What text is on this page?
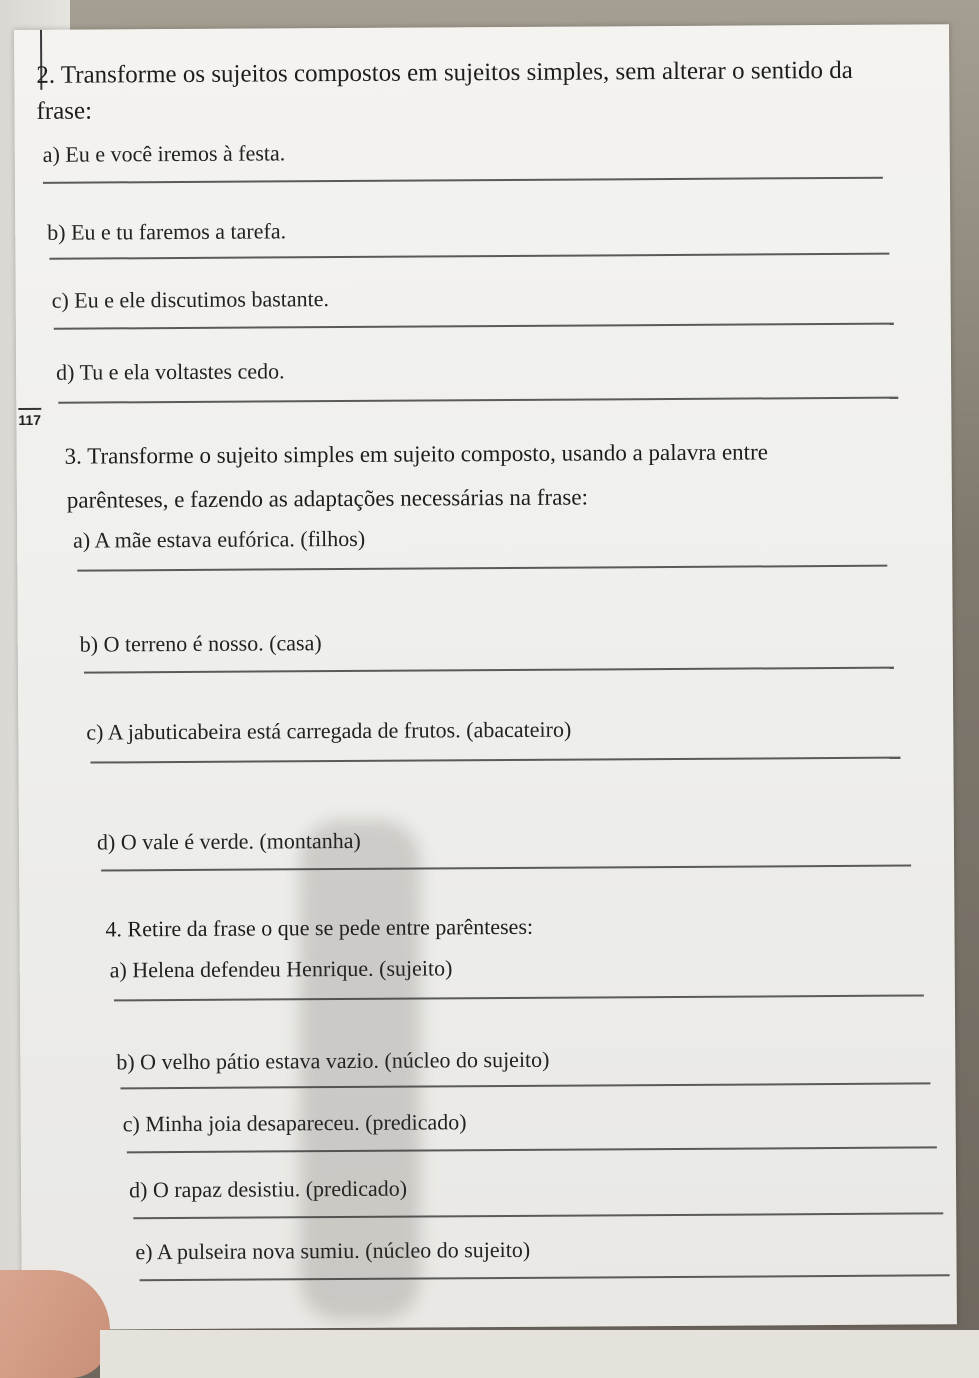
117
2. Transforme os sujeitos compostos em sujeitos simples, sem alterar o sentido da
frase:
a) Eu e você iremos à festa.
b) Eu e tu faremos a tarefa.
c) Eu e ele discutimos bastante.
d) Tu e ela voltastes cedo.
3. Transforme o sujeito simples em sujeito composto, usando a palavra entre
parênteses, e fazendo as adaptações necessárias na frase:
a) A mãe estava eufórica. (filhos)
b) O terreno é nosso. (casa)
c) A jabuticabeira está carregada de frutos. (abacateiro)
d) O vale é verde. (montanha)
4. Retire da frase o que se pede entre parênteses:
a) Helena defendeu Henrique. (sujeito)
b) O velho pátio estava vazio. (núcleo do sujeito)
c) Minha joia desapareceu. (predicado)
d) O rapaz desistiu. (predicado)
e) A pulseira nova sumiu. (núcleo do sujeito)
